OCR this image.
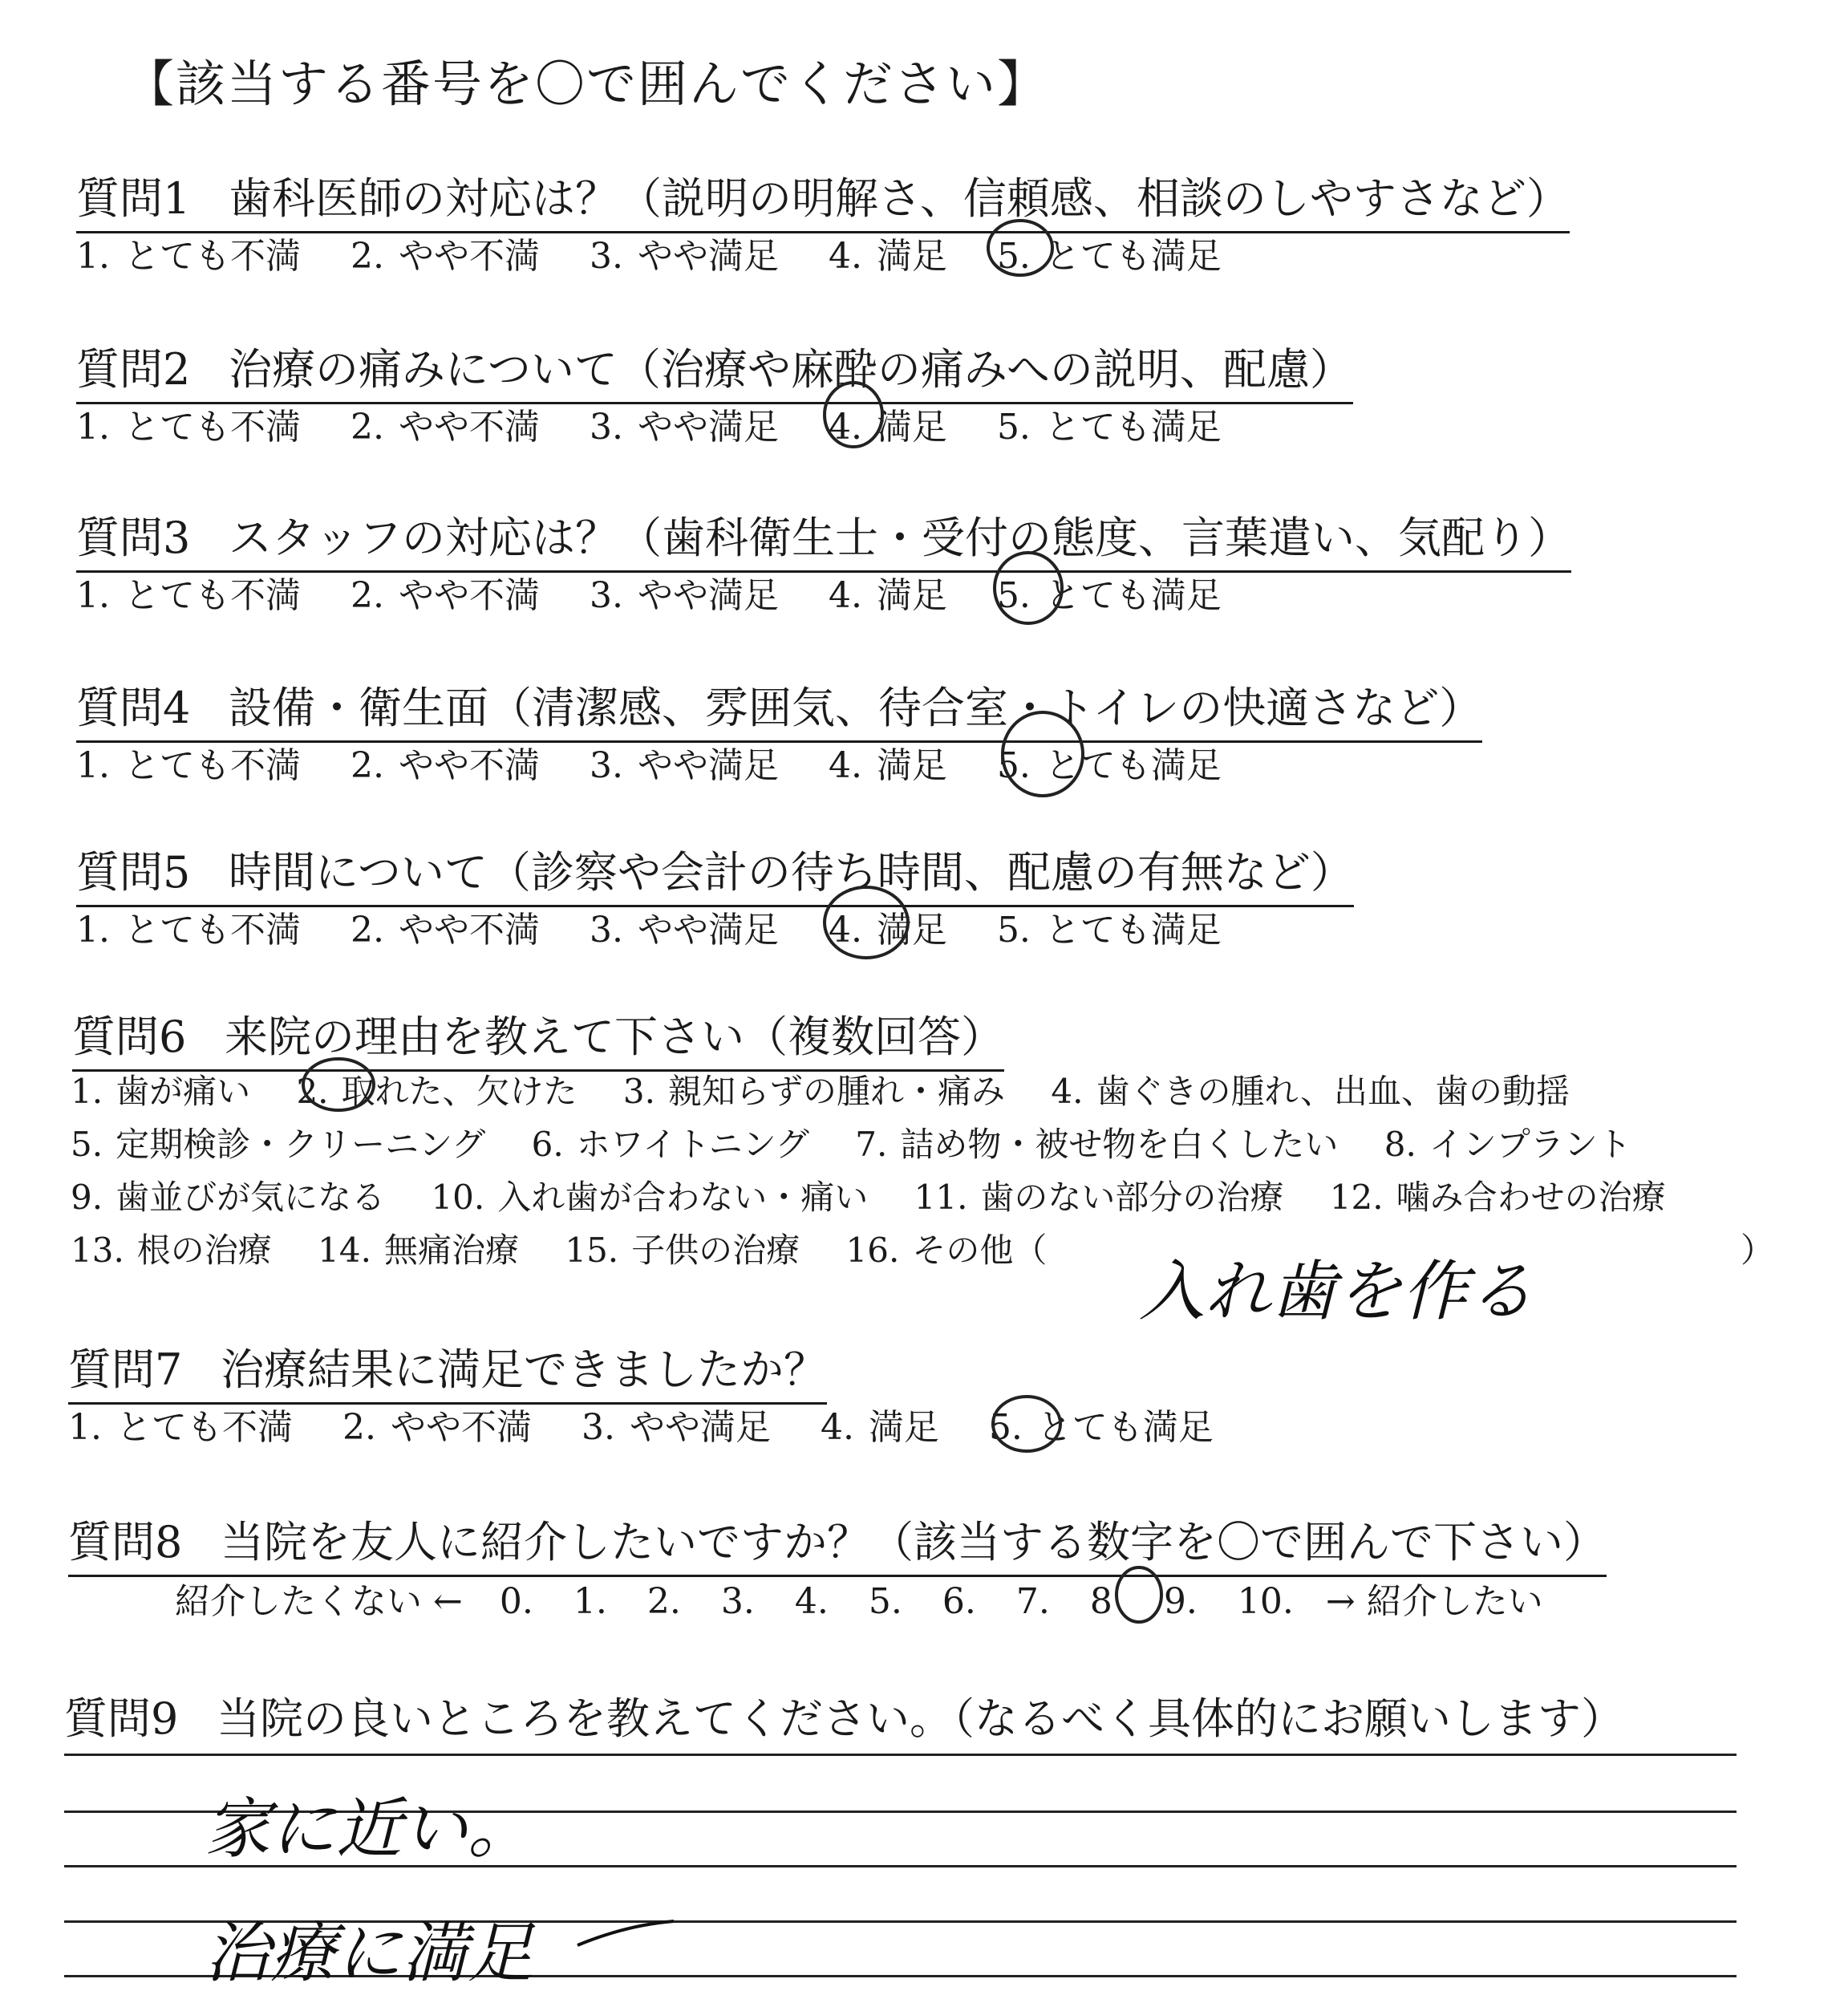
【該当する番号を〇で囲んでください】
質問1 歯科医師の対応は？（説明の明解さ、信頼感、相談のしやすさなど）
1. とても不満 2. やや不満 3. やや満足 4. 満足 5. とても満足
質問2 治療の痛みについて（治療や麻酔の痛みへの説明、配慮）
1. とても不満 2. やや不満 3. やや満足 4. 満足 5. とても満足
質問3 スタッフの対応は？（歯科衛生士・受付の態度、言葉遣い、気配り）
1. とても不満 2. やや不満 3. やや満足 4. 満足 5. とても満足
質問4 設備・衛生面（清潔感、雰囲気、待合室・トイレの快適さなど）
1. とても不満 2. やや不満 3. やや満足 4. 満足 5. とても満足
質問5 時間について（診察や会計の待ち時間、配慮の有無など）
1. とても不満 2. やや不満 3. やや満足 4. 満足 5. とても満足
質問6 来院の理由を教えて下さい（複数回答）
1. 歯が痛い 2. 取れた、欠けた 3. 親知らずの腫れ・痛み 4. 歯ぐきの腫れ、出血、歯の動揺
5. 定期検診・クリーニング 6. ホワイトニング 7. 詰め物・被せ物を白くしたい 8. インプラント
9. 歯並びが気になる 10. 入れ歯が合わない・痛い 11. 歯のない部分の治療 12. 噛み合わせの治療
13. 根の治療 14. 無痛治療 15. 子供の治療 16. その他（	）
入れ歯を作る
質問7 治療結果に満足できましたか？
1. とても不満 2. やや不満 3. やや満足 4. 満足 5. とても満足
質問8 当院を友人に紹介したいですか？（該当する数字を〇で囲んで下さい）
紹介したくない ← 0. 1. 2. 3. 4. 5. 6. 7. 8 9. 10. → 紹介したい
質問9 当院の良いところを教えてください。（なるべく具体的にお願いします）
家に近い。
治療に満足
